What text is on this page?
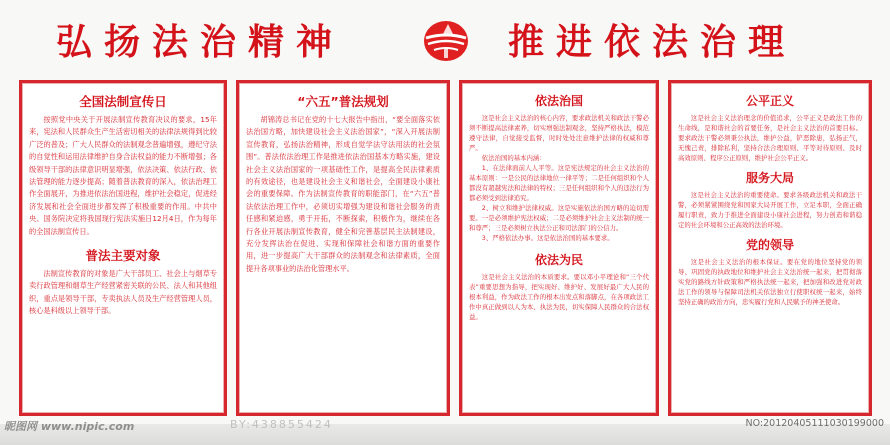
弘扬法治精神	推进依法治理
全国法制宣传日

按照党中央关于开展法制宣传教育决议的要求，15年来，宪法和人民群众生产生活密切相关的法律法规得到比较广泛的普及；广大人民群众的法制观念普遍增强，遵纪守法的自觉性和运用法律维护自身合法权益的能力不断增强；各级领导干部的法律意识明显增强，依法决策、依法行政、依法管理的能力逐步提高；随着普法教育的深入，依法治理工作全面展开，为推进依法治国进程，维护社会稳定，促进经济发展和社会全面进步都发挥了积极重要的作用。中共中央、国务院决定将我国现行宪法实施日12月4日，作为每年的全国法制宣传日。

普法主要对象

法制宣传教育的对象是广大干部员工、社会上与烟草专卖行政管理和烟草生产经营紧密关联的公民、法人和其他组织，重点是领导干部，专卖执法人员及生产经营管理人员，核心是科级以上领导干部。

“六五”普法规划

胡锦涛总书记在党的十七大报告中指出，“要全面落实依法治国方略，加快建设社会主义法治国家”，“深入开展法制宣传教育，弘扬法治精神，形成自觉学法守法用法的社会氛围”。普法依法治理工作是推进依法治国基本方略实施，建设社会主义法治国家的一项基础性工作，是提高全民法律素质的有效途径，也是建设社会主义和谐社会，全面建设小康社会的重要保障。作为法制宣传教育的职能部门，在“六五”普法依法治理工作中，必须切实增强为建设和谐社会服务的责任感和紧迫感，勇于开拓，不断探索，积极作为，继续在各行各业开展法制宣传教育，健全和完善基层民主法制建设，充分发挥法治在促进、实现和保障社会和谐方面的重要作用，进一步提高广大干部群众的法制观念和法律素质，全面提升各项事业的法治化管理水平。

依法治国

这是社会主义法治的核心内容，要求政法机关和政法干警必须不断提高法律素养，切实增强法制观念，坚持严格执法，模范遵守法律，自觉接受监督，时时处处注意维护法律的权威和尊严。

依法治国的基本内涵：

1、在法律面前人人平等。这是宪法规定的社会主义法治的基本原则：一是公民的法律地位一律平等；二是任何组织和个人都没有超越宪法和法律的特权；三是任何组织和个人的违法行为都必须受到法律追究。

2、树立和维护法律权威。这是实施依法治国方略的迫切需要。一是必须维护宪法权威；二是必须维护社会主义法制的统一和尊严；三是必须树立执法公正和司法部门的公信力。

3、严格依法办事。这是依法治国的基本要求。

依法为民

这是社会主义法治的本质要求。要以邓小平理论和“三个代表”重要思想为指导，把实现好、维护好、发展好最广大人民的根本利益，作为政法工作的根本出发点和落脚点，在各项政法工作中真正做到以人为本、执法为民，切实保障人民群众的合法权益。

公平正义

这是社会主义法治理念的价值追求，公平正义是政法工作的生命线，是和谐社会的首要任务，是社会主义法治的首要目标。要求政法干警必须秉公执法，维护公益，铲恶除患，弘扬正气，无愧己责，排除私利，坚持合法合理原则、平等对待原则、及时高效原则、程序公正原则，维护社会公平正义。

服务大局

这是社会主义法治的重要使命。要求各级政法机关和政法干警，必须紧紧围绕党和国家大局开展工作，立足本职，全面正确履行职责，致力于推进全面建设小康社会进程，努力创造和谐稳定的社会环境和公正高效的法治环境。

党的领导

这是社会主义法治的根本保证。要在党的地位坚持党的领导、巩固党的执政地位和维护社会主义法治统一起来，把贯彻落实党的路线方针政策和严格执法统一起来，把加强和改进党对政法工作的领导与保障司法机关依法独立行使职权统一起来，始终坚持正确的政治方向，忠实履行党和人民赋予的神圣使命。

昵图网 www.nipic.com	BY:438855424	NO:20120405111030199000
